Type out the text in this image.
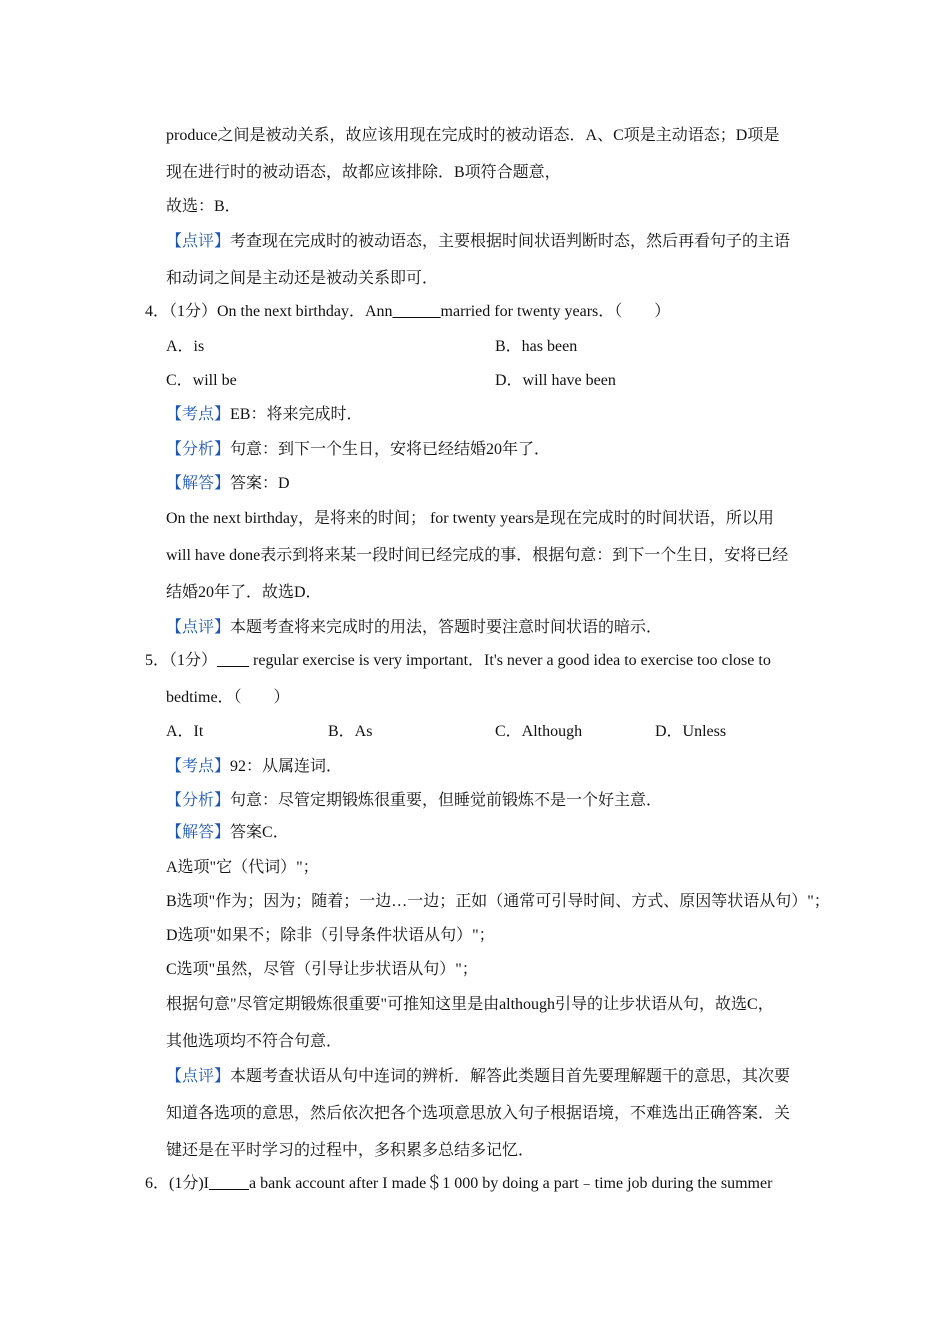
produce之间是被动关系，故应该用现在完成时的被动语态．A、C项是主动语态；D项是
现在进行时的被动语态，故都应该排除．B项符合题意，
故选：B．
【点评】考查现在完成时的被动语态，主要根据时间状语判断时态，然后再看句子的主语
和动词之间是主动还是被动关系即可．
4．（1分）On the next birthday．Ann______married for twenty years．（　　）
A．is	B．has been
C．will be	D．will have been
【考点】EB：将来完成时．
【分析】句意：到下一个生日，安将已经结婚20年了．
【解答】答案：D
On the next birthday，是将来的时间； for twenty years是现在完成时的时间状语，所以用
will have done表示到将来某一段时间已经完成的事．根据句意：到下一个生日，安将已经
结婚20年了．故选D．
【点评】本题考查将来完成时的用法，答题时要注意时间状语的暗示．
5．（1分）____ regular exercise is very important．It's never a good idea to exercise too close to
bedtime．（　　）
A．It	B．As	C．Although	D．Unless
【考点】92：从属连词．
【分析】句意：尽管定期锻炼很重要，但睡觉前锻炼不是一个好主意．
【解答】答案C．
A选项"它（代词）"；
B选项"作为；因为；随着；一边…一边；正如（通常可引导时间、方式、原因等状语从句）"；
D选项"如果不；除非（引导条件状语从句）"；
C选项"虽然，尽管（引导让步状语从句）"；
根据句意"尽管定期锻炼很重要"可推知这里是由although引导的让步状语从句，故选C，
其他选项均不符合句意．
【点评】本题考查状语从句中连词的辨析．解答此类题目首先要理解题干的意思，其次要
知道各选项的意思，然后依次把各个选项意思放入句子根据语境，不难选出正确答案．关
键还是在平时学习的过程中，多积累多总结多记忆．
6．(1分)I_____a bank account after I made＄1 000 by doing a part﹣time job during the summer
